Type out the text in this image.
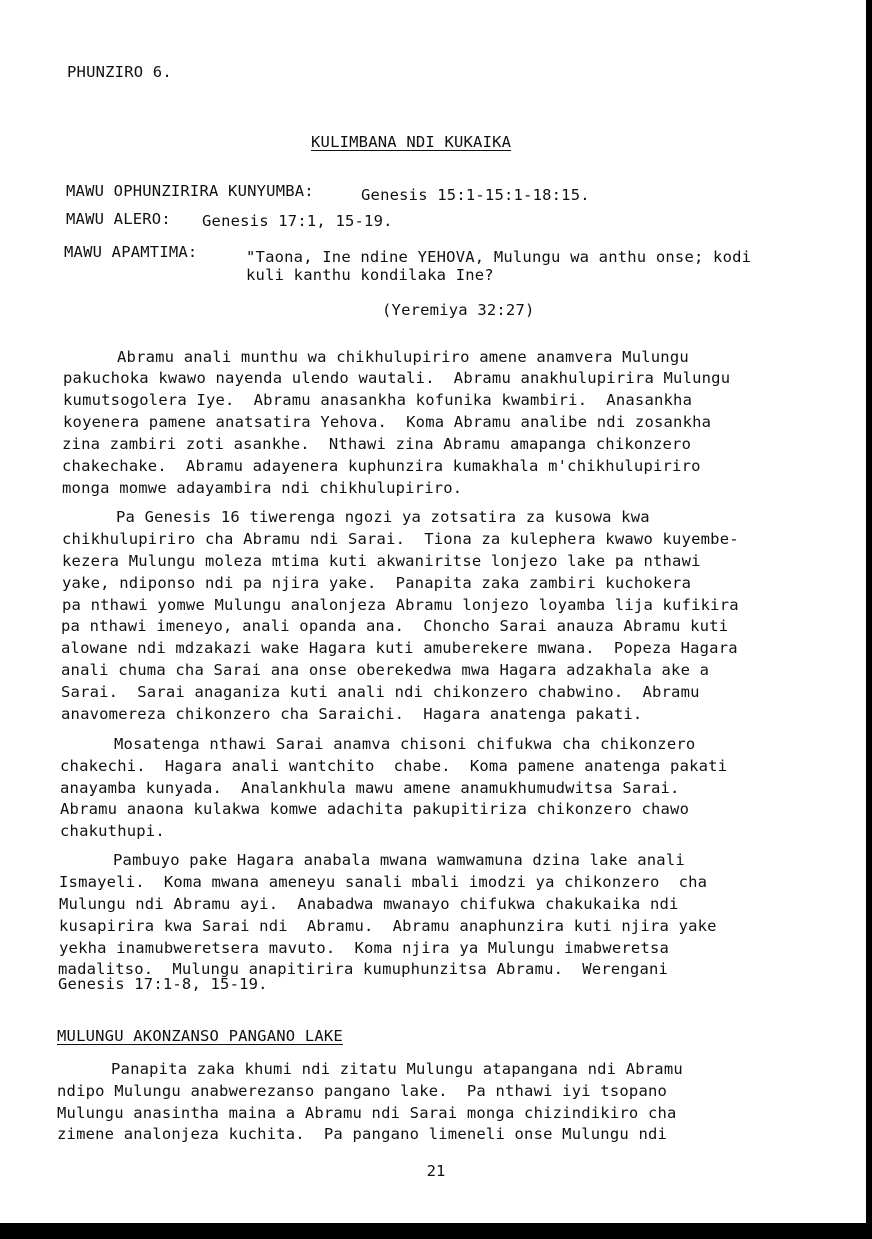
PHUNZIRO 6.
KULIMBANA NDI KUKAIKA
MAWU OPHUNZIRIRA KUNYUMBA:	Genesis 15:1-15:1-18:15.
MAWU ALERO: Genesis 17:1, 15-19.
MAWU APAMTIMA:	"Taona, Ine ndine YEHOVA, Mulungu wa anthu onse; kodi
kuli kanthu kondilaka Ine?
(Yeremiya 32:27)
Abramu anali munthu wa chikhulupiriro amene anamvera Mulungu
pakuchoka kwawo nayenda ulendo wautali.  Abramu anakhulupirira Mulungu
kumutsogolera Iye.  Abramu anasankha kofunika kwambiri.  Anasankha
koyenera pamene anatsatira Yehova.  Koma Abramu analibe ndi zosankha
zina zambiri zoti asankhe.  Nthawi zina Abramu amapanga chikonzero
chakechake.  Abramu adayenera kuphunzira kumakhala m'chikhulupiriro
monga momwe adayambira ndi chikhulupiriro.
Pa Genesis 16 tiwerenga ngozi ya zotsatira za kusowa kwa
chikhulupiriro cha Abramu ndi Sarai.  Tiona za kulephera kwawo kuyembe-
kezera Mulungu moleza mtima kuti akwaniritse lonjezo lake pa nthawi
yake, ndiponso ndi pa njira yake.  Panapita zaka zambiri kuchokera
pa nthawi yomwe Mulungu analonjeza Abramu lonjezo loyamba lija kufikira
pa nthawi imeneyo, anali opanda ana.  Choncho Sarai anauza Abramu kuti
alowane ndi mdzakazi wake Hagara kuti amuberekere mwana.  Popeza Hagara
anali chuma cha Sarai ana onse oberekedwa mwa Hagara adzakhala ake a
Sarai.  Sarai anaganiza kuti anali ndi chikonzero chabwino.  Abramu
anavomereza chikonzero cha Saraichi.  Hagara anatenga pakati.
Mosatenga nthawi Sarai anamva chisoni chifukwa cha chikonzero
chakechi.  Hagara anali wantchito  chabe.  Koma pamene anatenga pakati
anayamba kunyada.  Analankhula mawu amene anamukhumudwitsa Sarai.
Abramu anaona kulakwa komwe adachita pakupitiriza chikonzero chawo
chakuthupi.
Pambuyo pake Hagara anabala mwana wamwamuna dzina lake anali
Ismayeli.  Koma mwana ameneyu sanali mbali imodzi ya chikonzero  cha
Mulungu ndi Abramu ayi.  Anabadwa mwanayo chifukwa chakukaika ndi
kusapirira kwa Sarai ndi  Abramu.  Abramu anaphunzira kuti njira yake
yekha inamubweretsera mavuto.  Koma njira ya Mulungu imabweretsa
madalitso.  Mulungu anapitirira kumuphunzitsa Abramu.  Werengani
Genesis 17:1-8, 15-19.
MULUNGU AKONZANSO PANGANO LAKE
Panapita zaka khumi ndi zitatu Mulungu atapangana ndi Abramu
ndipo Mulungu anabwerezanso pangano lake.  Pa nthawi iyi tsopano
Mulungu anasintha maina a Abramu ndi Sarai monga chizindikiro cha
zimene analonjeza kuchita.  Pa pangano limeneli onse Mulungu ndi
21
